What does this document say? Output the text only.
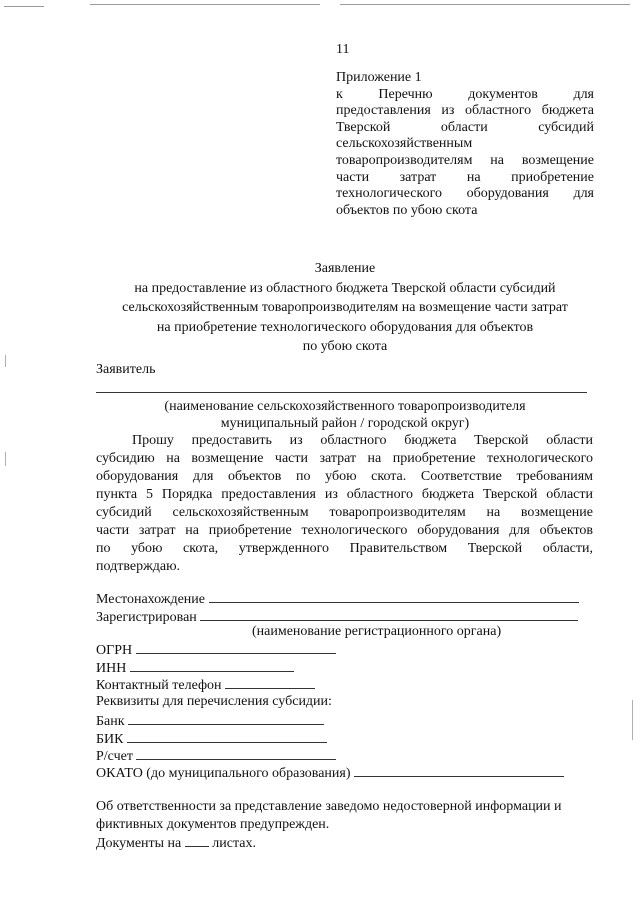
11
Приложение 1
к Перечню документов для
предоставления из областного бюджета
Тверской области субсидий
сельскохозяйственным
товаропроизводителям на возмещение
части затрат на приобретение
технологического оборудования для
объектов по убою скота
Заявление
на предоставление из областного бюджета Тверской области субсидий
сельскохозяйственным товаропроизводителям на возмещение части затрат
на приобретение технологического оборудования для объектов
по убою скота
Заявитель
(наименование сельскохозяйственного товаропроизводителя
муниципальный район / городской округ)
Прошу предоставить из областного бюджета Тверской области
субсидию на возмещение части затрат на приобретение технологического
оборудования для объектов по убою скота. Соответствие требованиям
пункта 5 Порядка предоставления из областного бюджета Тверской области
субсидий сельскохозяйственным товаропроизводителям на возмещение
части затрат на приобретение технологического оборудования для объектов
по убою скота, утвержденного Правительством Тверской области,
подтверждаю.
Местонахождение
Зарегистрирован
(наименование регистрационного органа)
ОГРН
ИНН
Контактный телефон
Реквизиты для перечисления субсидии:
Банк
БИК
Р/счет
ОКАТО (до муниципального образования)
Об ответственности за представление заведомо недостоверной информации и
фиктивных документов предупрежден.
Документы на листах.
